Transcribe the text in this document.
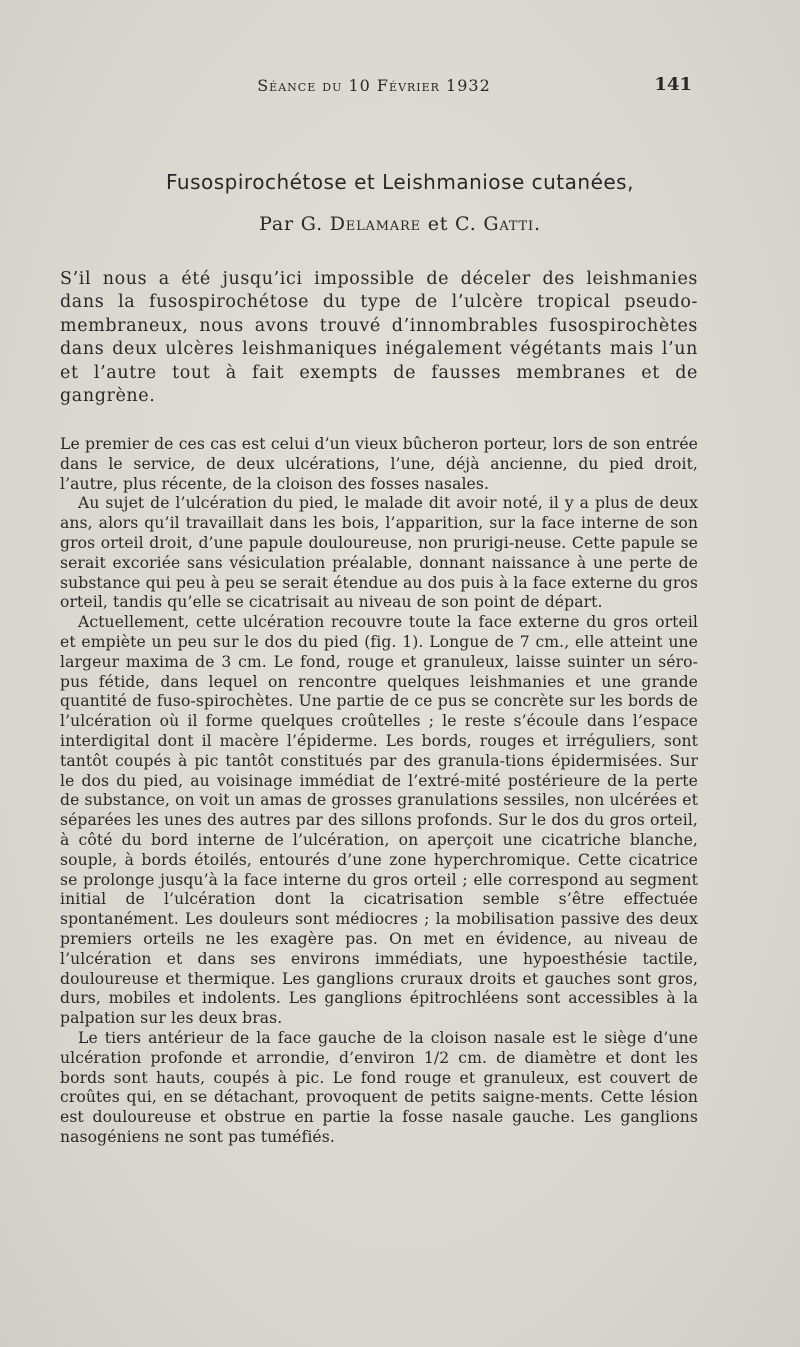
Séance du 10 Février 1932	141
Fusospirochétose et Leishmaniose cutanées,
Par G. Delamare et C. Gatti.
S’il nous a été jusqu’ici impossible de déceler des leishmanies dans la fusospirochétose du type de l’ulcère tropical pseudo-membraneux, nous avons trouvé d’innombrables fusospirochètes dans deux ulcères leishmaniques inégalement végétants mais l’un et l’autre tout à fait exempts de fausses membranes et de gangrène.

Le premier de ces cas est celui d’un vieux bûcheron porteur, lors de son entrée dans le service, de deux ulcérations, l’une, déjà ancienne, du pied droit, l’autre, plus récente, de la cloison des fosses nasales.

Au sujet de l’ulcération du pied, le malade dit avoir noté, il y a plus de deux ans, alors qu’il travaillait dans les bois, l’apparition, sur la face interne de son gros orteil droit, d’une papule douloureuse, non prurigi-neuse. Cette papule se serait excoriée sans vésiculation préalable, donnant naissance à une perte de substance qui peu à peu se serait étendue au dos puis à la face externe du gros orteil, tandis qu’elle se cicatrisait au niveau de son point de départ.

Actuellement, cette ulcération recouvre toute la face externe du gros orteil et empiète un peu sur le dos du pied (fig. 1). Longue de 7 cm., elle atteint une largeur maxima de 3 cm. Le fond, rouge et granuleux, laisse suinter un séro-pus fétide, dans lequel on rencontre quelques leishmanies et une grande quantité de fuso-spirochètes. Une partie de ce pus se concrète sur les bords de l’ulcération où il forme quelques croûtelles ; le reste s’écoule dans l’espace interdigital dont il macère l’épiderme. Les bords, rouges et irréguliers, sont tantôt coupés à pic tantôt constitués par des granula-tions épidermisées. Sur le dos du pied, au voisinage immédiat de l’extré-mité postérieure de la perte de substance, on voit un amas de grosses granulations sessiles, non ulcérées et séparées les unes des autres par des sillons profonds. Sur le dos du gros orteil, à côté du bord interne de l’ulcération, on aperçoit une cicatriche blanche, souple, à bords étoilés, entourés d’une zone hyperchromique. Cette cicatrice se prolonge jusqu’à la face interne du gros orteil ; elle correspond au segment initial de l’ulcération dont la cicatrisation semble s’être effectuée spontanément. Les douleurs sont médiocres ; la mobilisation passive des deux premiers orteils ne les exagère pas. On met en évidence, au niveau de l’ulcération et dans ses environs immédiats, une hypoesthésie tactile, douloureuse et thermique. Les ganglions cruraux droits et gauches sont gros, durs, mobiles et indolents. Les ganglions épitrochléens sont accessibles à la palpation sur les deux bras.

Le tiers antérieur de la face gauche de la cloison nasale est le siège d’une ulcération profonde et arrondie, d’environ 1/2 cm. de diamètre et dont les bords sont hauts, coupés à pic. Le fond rouge et granuleux, est couvert de croûtes qui, en se détachant, provoquent de petits saigne-ments. Cette lésion est douloureuse et obstrue en partie la fosse nasale gauche. Les ganglions nasogéniens ne sont pas tuméfiés.
